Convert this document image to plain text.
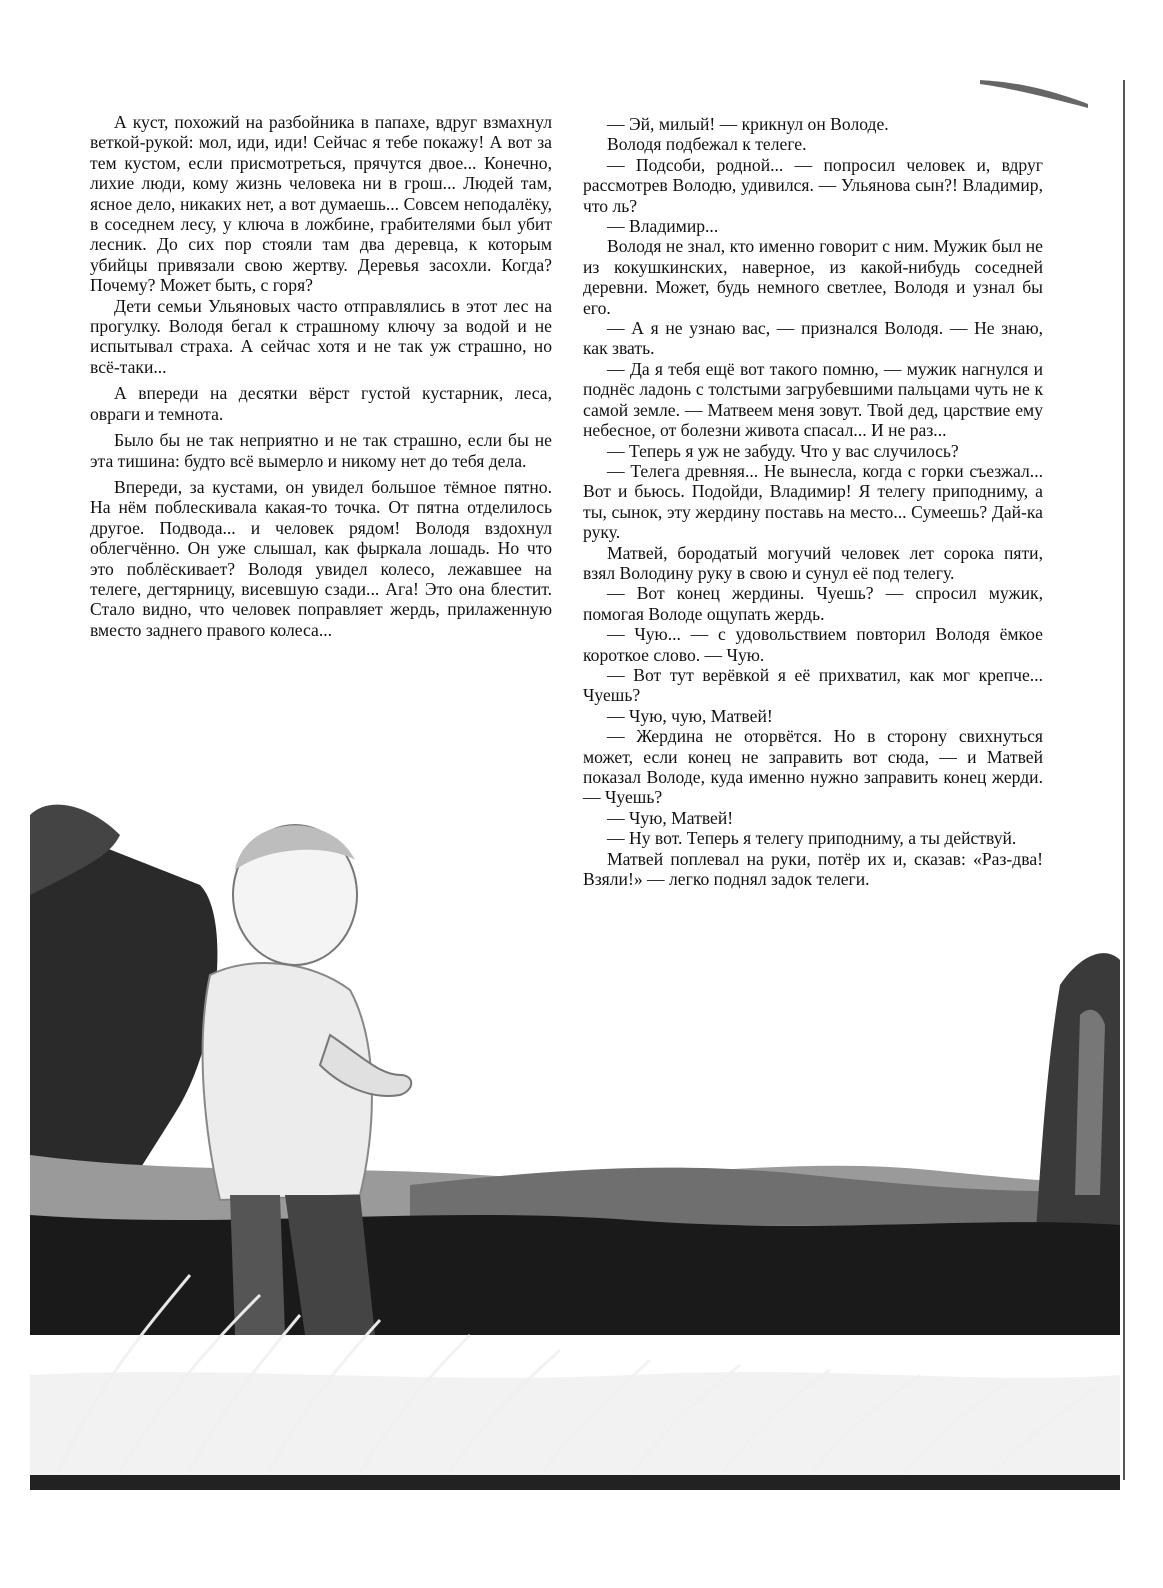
А куст, похожий на разбойника в папахе, вдруг взмахнул веткой-рукой: мол, иди, иди! Сейчас я тебе покажу! А вот за тем кустом, если присмотреться, прячутся двое... Конечно, лихие люди, кому жизнь человека ни в грош... Людей там, ясное дело, никаких нет, а вот думаешь... Совсем неподалёку, в соседнем лесу, у ключа в ложбине, грабителями был убит лесник. До сих пор стояли там два деревца, к которым убийцы привязали свою жертву. Деревья засохли. Когда? Почему? Может быть, с горя?

Дети семьи Ульяновых часто отправлялись в этот лес на прогулку. Володя бегал к страшному ключу за водой и не испытывал страха. А сейчас хотя и не так уж страшно, но всё-таки...

А впереди на десятки вёрст густой кустарник, леса, овраги и темнота.

Было бы не так неприятно и не так страшно, если бы не эта тишина: будто всё вымерло и никому нет до тебя дела.

Впереди, за кустами, он увидел большое тёмное пятно. На нём поблескивала какая-то точка. От пятна отделилось другое. Подвода... и человек рядом! Володя вздохнул облегчённо. Он уже слышал, как фыркала лошадь. Но что это поблёскивает? Володя увидел колесо, лежавшее на телеге, дегтярницу, висевшую сзади... Ага! Это она блестит. Стало видно, что человек поправляет жердь, прилаженную вместо заднего правого колеса...

— Эй, милый! — крикнул он Володе.

Володя подбежал к телеге.

— Подсоби, родной... — попросил человек и, вдруг рассмотрев Володю, удивился. — Ульянова сын?! Владимир, что ль?

— Владимир...

Володя не знал, кто именно говорит с ним. Мужик был не из кокушкинских, наверное, из какой-нибудь соседней деревни. Может, будь немного светлее, Володя и узнал бы его.

— А я не узнаю вас, — признался Володя. — Не знаю, как звать.

— Да я тебя ещё вот такого помню, — мужик нагнулся и поднёс ладонь с толстыми загрубевшими пальцами чуть не к самой земле. — Матвеем меня зовут. Твой дед, царствие ему небесное, от болезни живота спасал... И не раз...

— Теперь я уж не забуду. Что у вас случилось?

— Телега древняя... Не вынесла, когда с горки съезжал... Вот и бьюсь. Подойди, Владимир! Я телегу приподниму, а ты, сынок, эту жердину поставь на место... Сумеешь? Дай-ка руку.

Матвей, бородатый могучий человек лет сорока пяти, взял Володину руку в свою и сунул её под телегу.

— Вот конец жердины. Чуешь? — спросил мужик, помогая Володе ощупать жердь.

— Чую... — с удовольствием повторил Володя ёмкое короткое слово. — Чую.

— Вот тут верёвкой я её прихватил, как мог крепче... Чуешь?

— Чую, чую, Матвей!

— Жердина не оторвётся. Но в сторону свихнуться может, если конец не заправить вот сюда, — и Матвей показал Володе, куда именно нужно заправить конец жерди. — Чуешь?

— Чую, Матвей!

— Ну вот. Теперь я телегу приподниму, а ты действуй.

Матвей поплевал на руки, потёр их и, сказав: «Раз-два! Взяли!» — легко поднял задок телеги.
